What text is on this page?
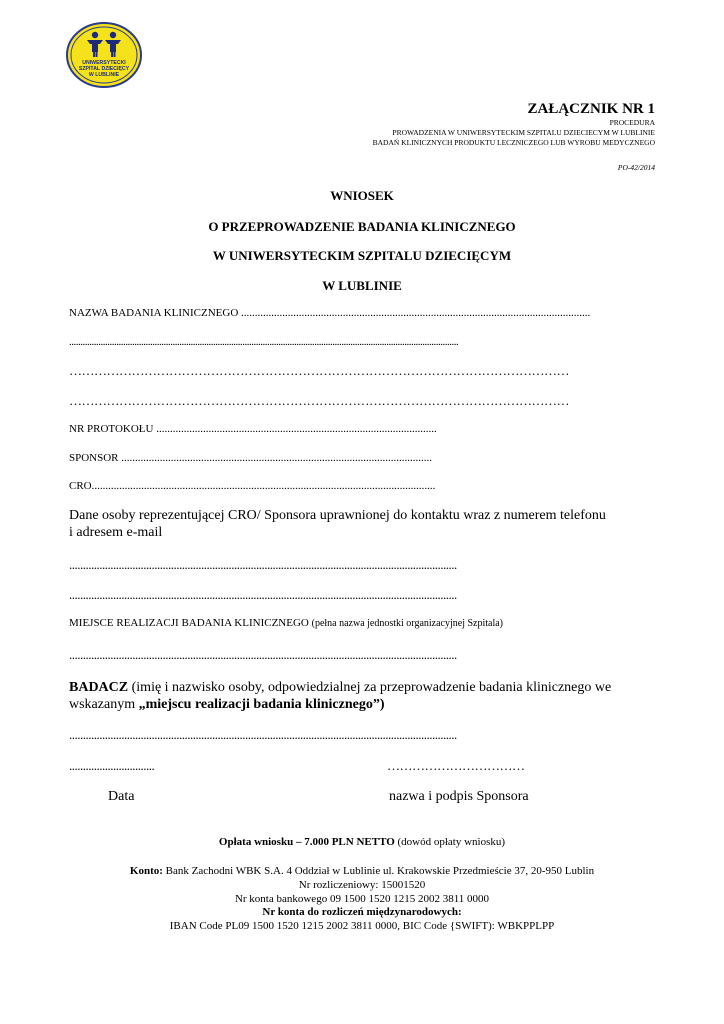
UNIWERSYTECKI
SZPITAL DZIECIĘCY
W LUBLINIE
ZAŁĄCZNIK NR 1
PROCEDURA
PROWADZENIA W UNIWERSYTECKIM SZPITALU DZIECIECYM W LUBLINIE
BADAŃ KLINICZNYCH PRODUKTU LECZNICZEGO LUB WYROBU MEDYCZNEGO
PO-42/2014
WNIOSEK
O PRZEPROWADZENIE BADANIA KLINICZNEGO
W UNIWERSYTECKIM SZPITALU DZIECIĘCYM
W LUBLINIE
NAZWA BADANIA KLINICZNEGO ...............................................................................................................................
.............................................................................................................................................................................
…………………………………………………………………………………………………………
…………………………………………………………………………………………………………
NR PROTOKOŁU ......................................................................................................
SPONSOR .................................................................................................................
CRO.............................................................................................................................
Dane osoby reprezentującej CRO/ Sponsora uprawnionej do kontaktu wraz z numerem telefonu
i adresem e-mail
.............................................................................................................................................
.............................................................................................................................................
MIEJSCE REALIZACJI BADANIA KLINICZNEGO (pełna nazwa jednostki organizacyjnej Szpitala)
.............................................................................................................................................
BADACZ (imię i nazwisko osoby, odpowiedzialnej za przeprowadzenie badania klinicznego we
wskazanym „miejscu realizacji badania klinicznego”)
.............................................................................................................................................
...............................	……………………………
Data	nazwa i podpis Sponsora
Opłata wniosku – 7.000 PLN NETTO (dowód opłaty wniosku)
Konto: Bank Zachodni WBK S.A. 4 Oddział w Lublinie ul. Krakowskie Przedmieście 37, 20-950 Lublin
Nr rozliczeniowy: 15001520
Nr konta bankowego 09 1500 1520 1215 2002 3811 0000
Nr konta do rozliczeń międzynarodowych:
IBAN Code PL09 1500 1520 1215 2002 3811 0000, BIC Code {SWIFT): WBKPPLPP
